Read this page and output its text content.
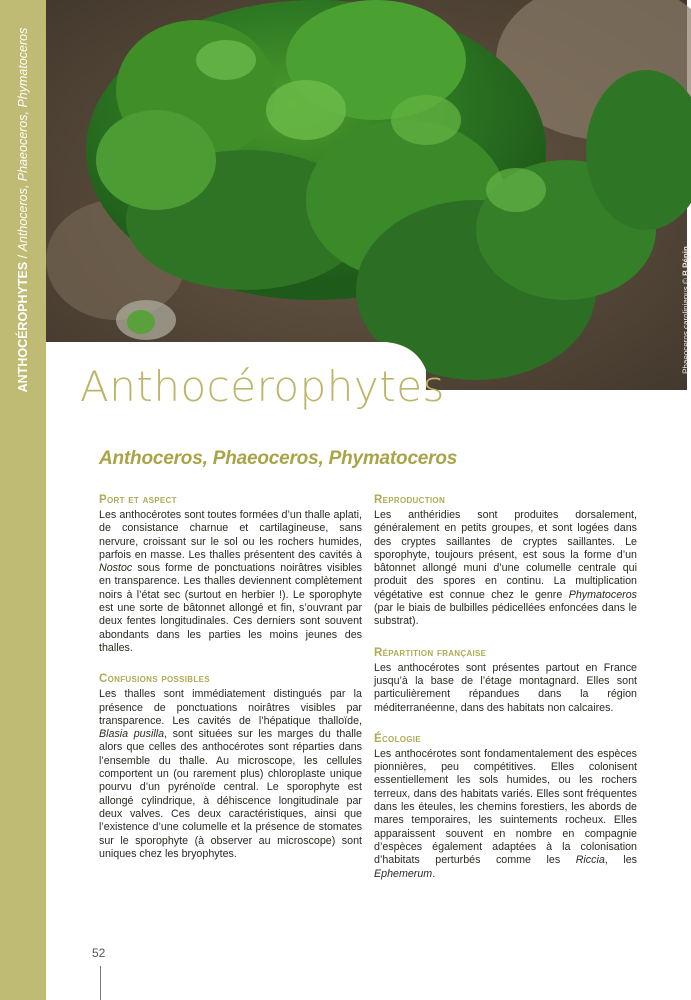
ANTHOCÉROPHYTES / Anthoceros, Phaeoceros, Phymatoceros
Phaeoceros carolinianus © B.Pépin
Anthocérophytes
Anthoceros, Phaeoceros, Phymatoceros

Port et aspect

Les anthocérotes sont toutes formées d’un thalle aplati, de consistance charnue et cartilagineuse, sans nervure, croissant sur le sol ou les rochers humides, parfois en masse. Les thalles présentent des cavités à Nostoc sous forme de ponctuations noirâtres visibles en transparence. Les thalles deviennent complètement noirs à l’état sec (surtout en herbier !). Le sporophyte est une sorte de bâtonnet allongé et fin, s’ouvrant par deux fentes longitudinales. Ces derniers sont souvent abondants dans les parties les moins jeunes des thalles.

Confusions possibles

Les thalles sont immédiatement distingués par la présence de ponctuations noirâtres visibles par transparence. Les cavités de l’hépatique thalloïde, Blasia pusilla, sont situées sur les marges du thalle alors que celles des anthocérotes sont réparties dans l’ensemble du thalle. Au microscope, les cellules comportent un (ou rarement plus) chloroplaste unique pourvu d’un pyrénoïde central. Le sporophyte est allongé cylindrique, à déhiscence longitudinale par deux valves. Ces deux caractéristiques, ainsi que l’existence d’une columelle et la présence de stomates sur le sporophyte (à observer au microscope) sont uniques chez les bryophytes.

Reproduction

Les anthéridies sont produites dorsalement, généralement en petits groupes, et sont logées dans des cryptes saillantes de cryptes saillantes. Le sporophyte, toujours présent, est sous la forme d’un bâtonnet allongé muni d’une columelle centrale qui produit des spores en continu. La multiplication végétative est connue chez le genre Phymatoceros (par le biais de bulbilles pédicellées enfoncées dans le substrat).

Répartition française

Les anthocérotes sont présentes partout en France jusqu’à la base de l’étage montagnard. Elles sont particulièrement répandues dans la région méditerranéenne, dans des habitats non calcaires.

Écologie

Les anthocérotes sont fondamentalement des espèces pionnières, peu compétitives. Elles colonisent essentiellement les sols humides, ou les rochers terreux, dans des habitats variés. Elles sont fréquentes dans les éteules, les chemins forestiers, les abords de mares temporaires, les suintements rocheux. Elles apparaissent souvent en nombre en compagnie d’espèces également adaptées à la colonisation d’habitats perturbés comme les Riccia, les Ephemerum.

52
